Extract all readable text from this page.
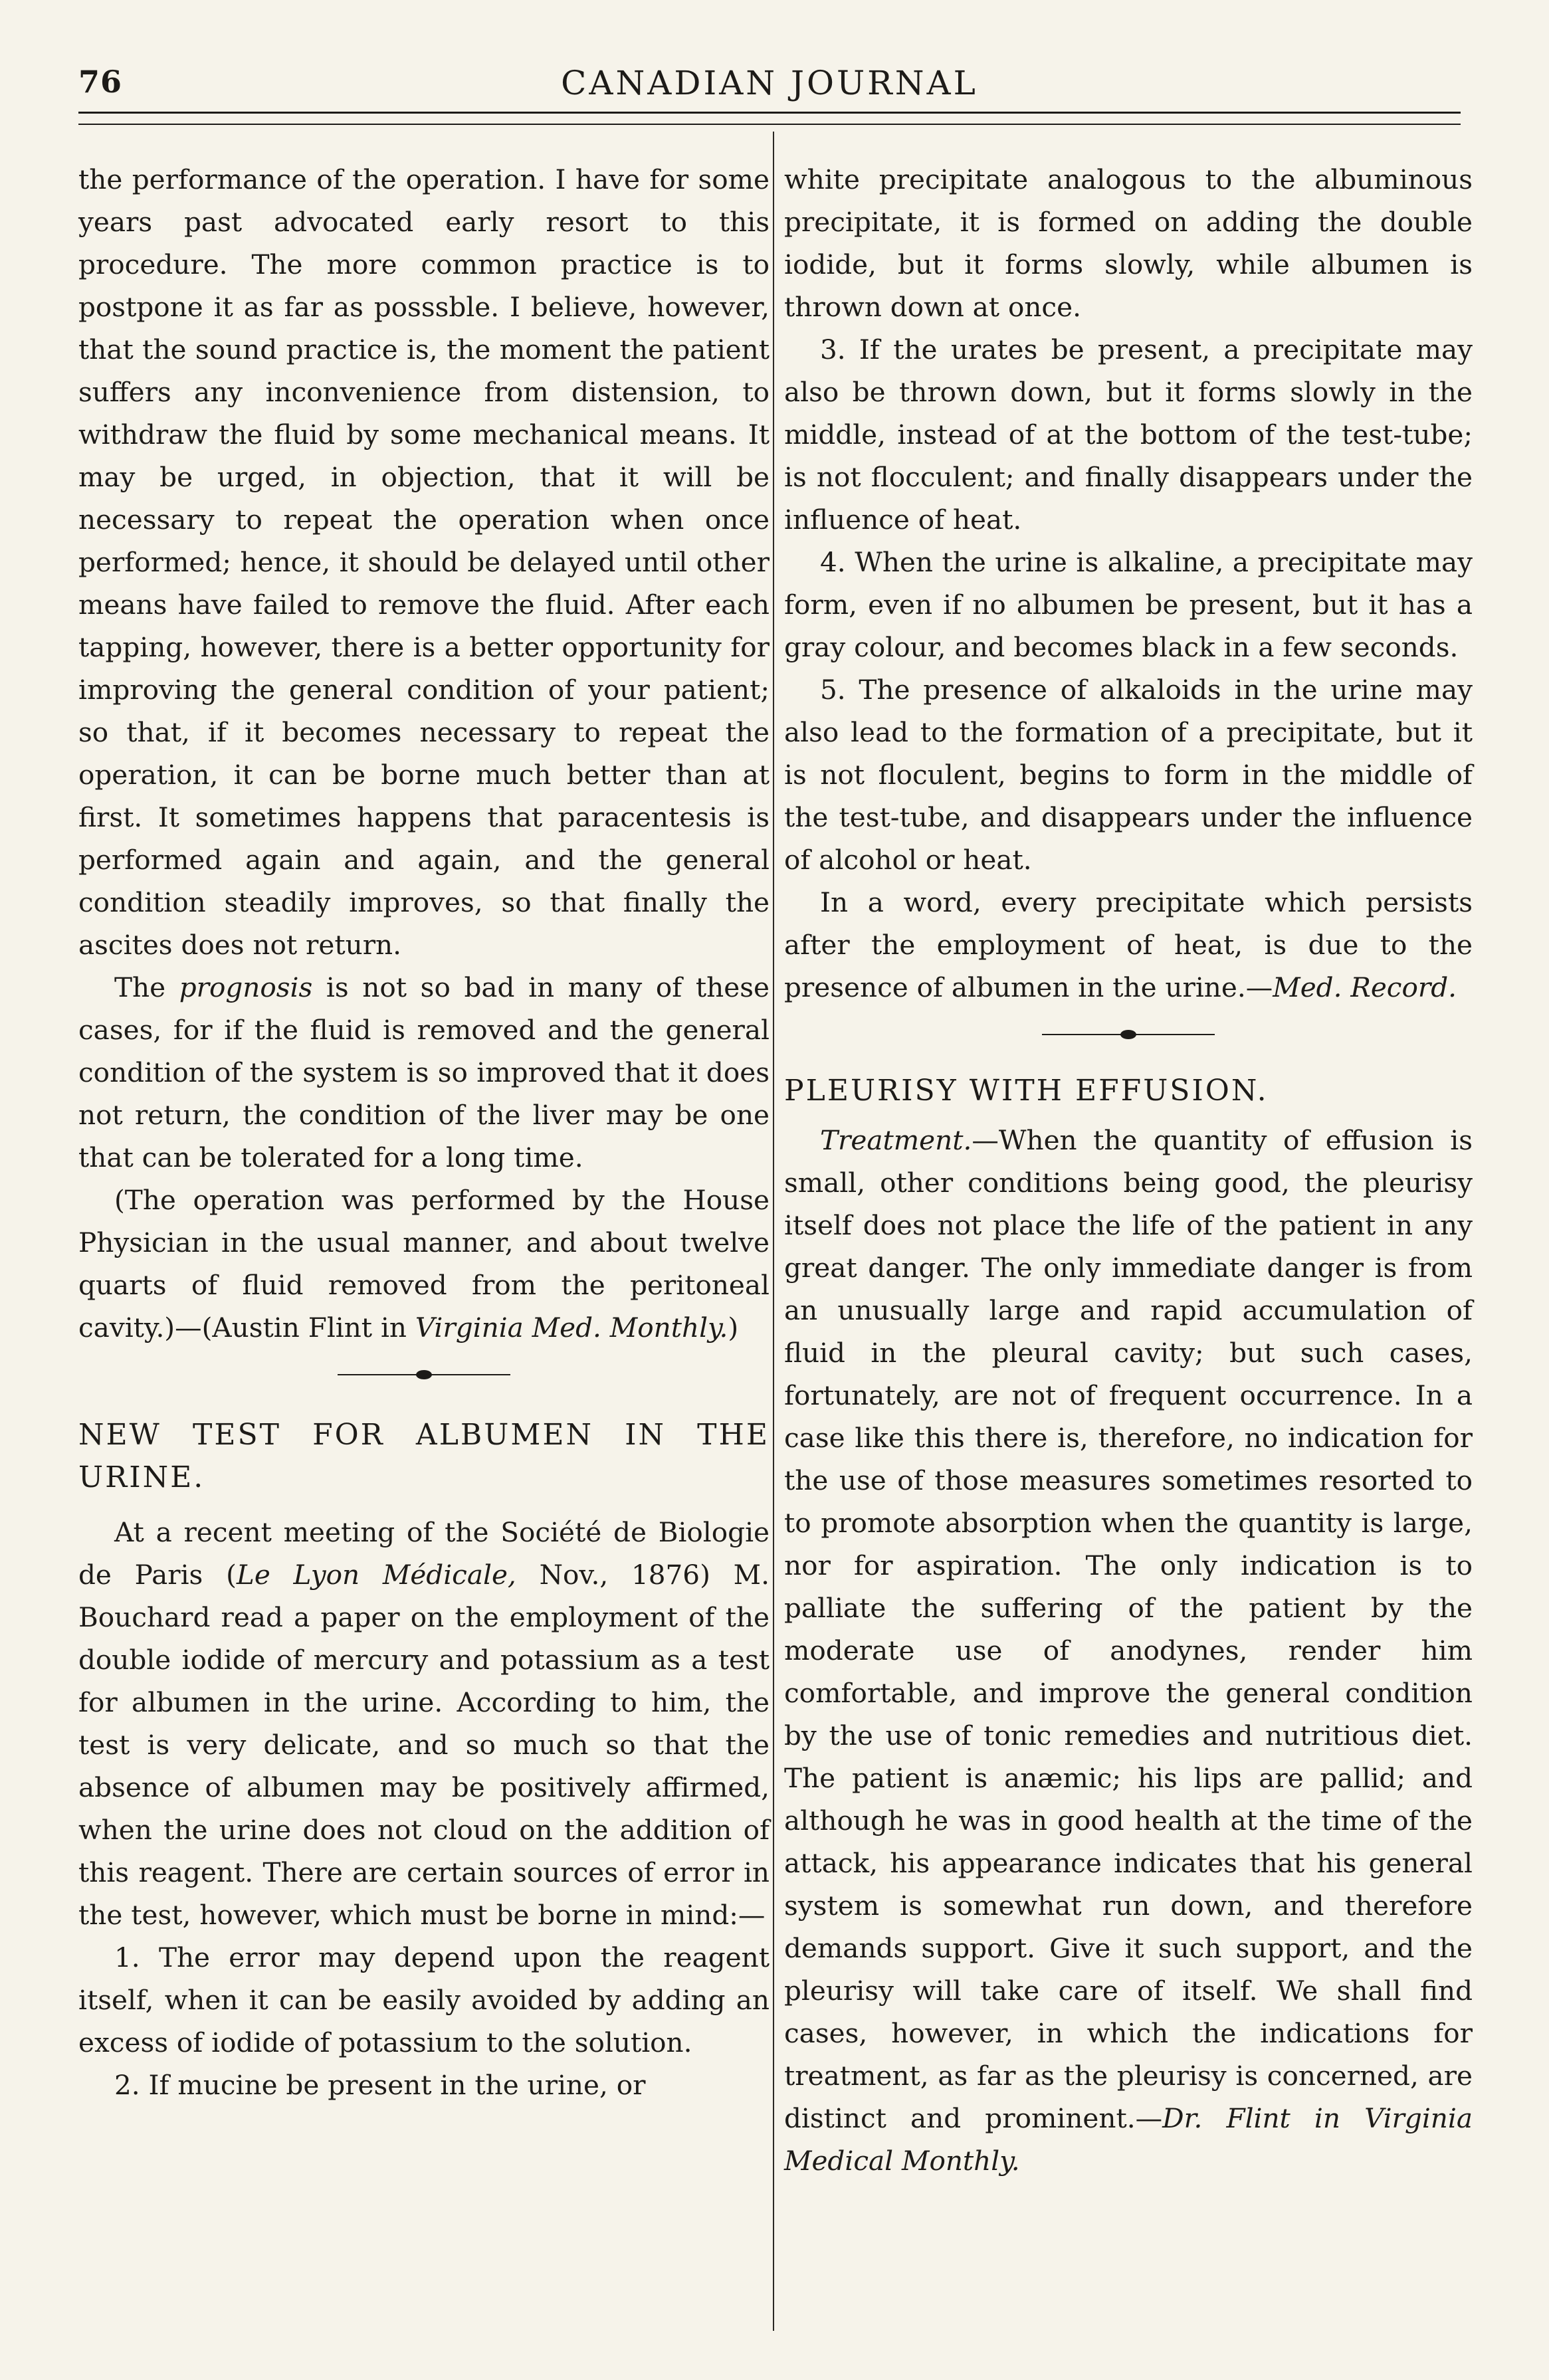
76	CANADIAN JOURNAL

the performance of the operation. I have for some years past advocated early resort to this procedure. The more common practice is to postpone it as far as posssble. I believe, however, that the sound practice is, the moment the patient suffers any inconvenience from distension, to withdraw the fluid by some mechanical means. It may be urged, in objection, that it will be necessary to repeat the operation when once performed; hence, it should be delayed until other means have failed to remove the fluid. After each tapping, however, there is a better opportunity for improving the general condition of your patient; so that, if it becomes necessary to repeat the operation, it can be borne much better than at first. It sometimes happens that paracentesis is performed again and again, and the general condition steadily improves, so that finally the ascites does not return.

The prognosis is not so bad in many of these cases, for if the fluid is removed and the general condition of the system is so improved that it does not return, the condition of the liver may be one that can be tolerated for a long time.

(The operation was performed by the House Physician in the usual manner, and about twelve quarts of fluid removed from the peritoneal cavity.)—(Austin Flint in Virginia Med. Monthly.)

NEW TEST FOR ALBUMEN IN THE URINE.

At a recent meeting of the Société de Biologie de Paris (Le Lyon Médicale, Nov., 1876) M. Bouchard read a paper on the employment of the double iodide of mercury and potassium as a test for albumen in the urine. According to him, the test is very delicate, and so much so that the absence of albumen may be positively affirmed, when the urine does not cloud on the addition of this reagent. There are certain sources of error in the test, however, which must be borne in mind:—

1. The error may depend upon the reagent itself, when it can be easily avoided by adding an excess of iodide of potassium to the solution.

2. If mucine be present in the urine, or

white precipitate analogous to the albuminous precipitate, it is formed on adding the double iodide, but it forms slowly, while albumen is thrown down at once.

3. If the urates be present, a precipitate may also be thrown down, but it forms slowly in the middle, instead of at the bottom of the test-tube; is not flocculent; and finally disappears under the influence of heat.

4. When the urine is alkaline, a precipitate may form, even if no albumen be present, but it has a gray colour, and becomes black in a few seconds.

5. The presence of alkaloids in the urine may also lead to the formation of a precipitate, but it is not floculent, begins to form in the middle of the test-tube, and disappears under the influence of alcohol or heat.

In a word, every precipitate which persists after the employment of heat, is due to the presence of albumen in the urine.—Med. Record.

PLEURISY WITH EFFUSION.

Treatment.—When the quantity of effusion is small, other conditions being good, the pleurisy itself does not place the life of the patient in any great danger. The only immediate danger is from an unusually large and rapid accumulation of fluid in the pleural cavity; but such cases, fortunately, are not of frequent occurrence. In a case like this there is, therefore, no indication for the use of those measures sometimes resorted to to promote absorption when the quantity is large, nor for aspiration. The only indication is to palliate the suffering of the patient by the moderate use of anodynes, render him comfortable, and improve the general condition by the use of tonic remedies and nutritious diet. The patient is anæmic; his lips are pallid; and although he was in good health at the time of the attack, his appearance indicates that his general system is somewhat run down, and therefore demands support. Give it such support, and the pleurisy will take care of itself. We shall find cases, however, in which the indications for treatment, as far as the pleurisy is concerned, are distinct and prominent.—Dr. Flint in Virginia Medical Monthly.
